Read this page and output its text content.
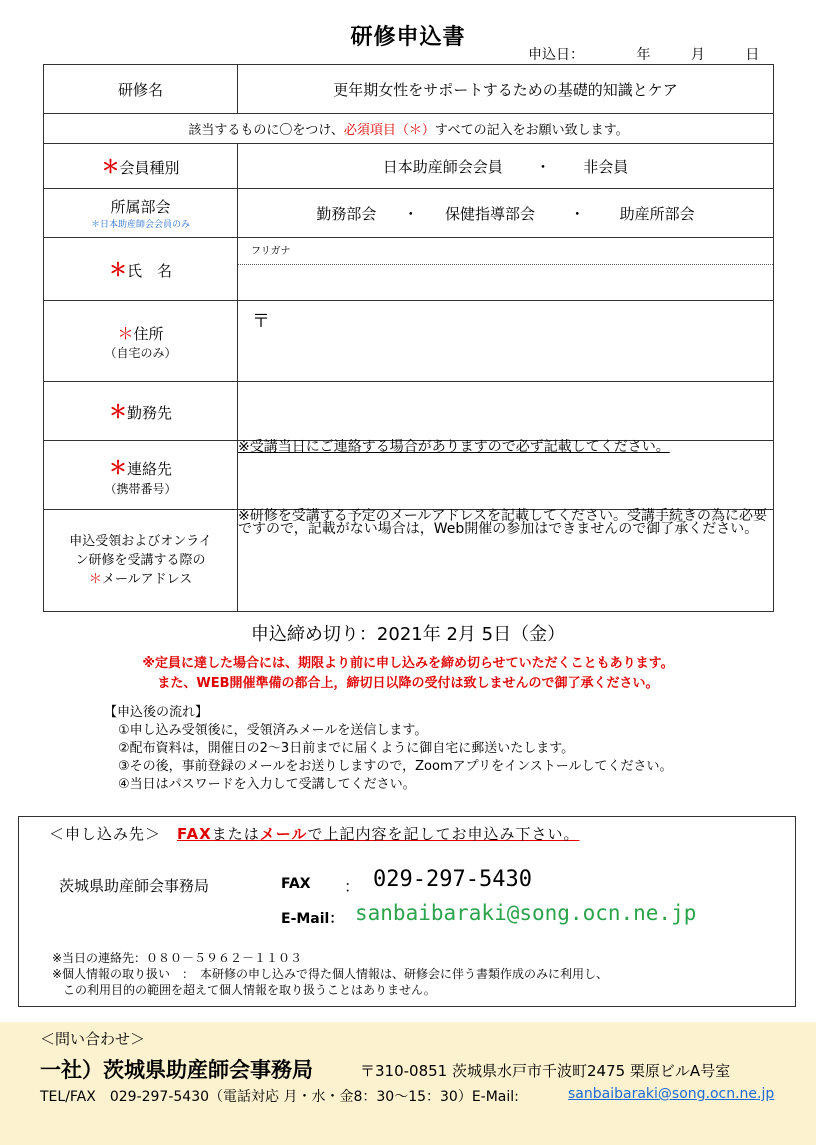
研修申込書
申込日：	年	月	日
研修名	更年期女性をサポートするための基礎的知識とケア
該当するものに〇をつけ、必須項目（＊）すべての記入をお願い致します。	
＊会員種別	日本助産師会会員 ・ 非会員

所属部会
＊日本助産師会会員のみ	勤務部会 ・ 保健指導部会 ・ 助産所部会
＊氏　名	フリガナ

＊住所
（自宅のみ）	〒
＊勤務先	

＊連絡先
（携帯番号）	※受講当日にご連絡する場合がありますので必ず記載してください。

申込受領およびオンライ
ン研修を受講する際の
＊メールアドレス	※研修を受講する予定のメールアドレスを記載してください。受講手続きの為に必要ですので，記載がない場合は，Web開催の参加はできませんので御了承ください。
申込締め切り：2021年 2月 5日（金）
※定員に達した場合には、期限より前に申し込みを締め切らせていただくこともあります。
また、WEB開催準備の都合上，締切日以降の受付は致しませんので御了承ください。
【申込後の流れ】
①申し込み受領後に，受領済みメールを送信します。
②配布資料は，開催日の2～3日前までに届くように御自宅に郵送いたします。
③その後，事前登録のメールをお送りしますので，Zoomアプリをインストールしてください。
④当日はパスワードを入力して受講してください。
＜申し込み先＞　FAXまたはメールで上記内容を記してお申込み下さい。
茨城県助産師会事務局	FAX ： 029-297-5430
E-Mail： sanbaibaraki@song.ocn.ne.jp
※当日の連絡先：０８０－５９６２－１１０３
※個人情報の取り扱い　：　本研修の申し込みで得た個人情報は、研修会に伴う書類作成のみに利用し、
この利用目的の範囲を超えて個人情報を取り扱うことはありません。
＜問い合わせ＞
一社）茨城県助産師会事務局	〒310-0851 茨城県水戸市千波町2475 栗原ビルA号室
TEL/FAX　029-297-5430（電話対応 月・水・金8：30～15：30）E-Mail:	sanbaibaraki@song.ocn.ne.jp
